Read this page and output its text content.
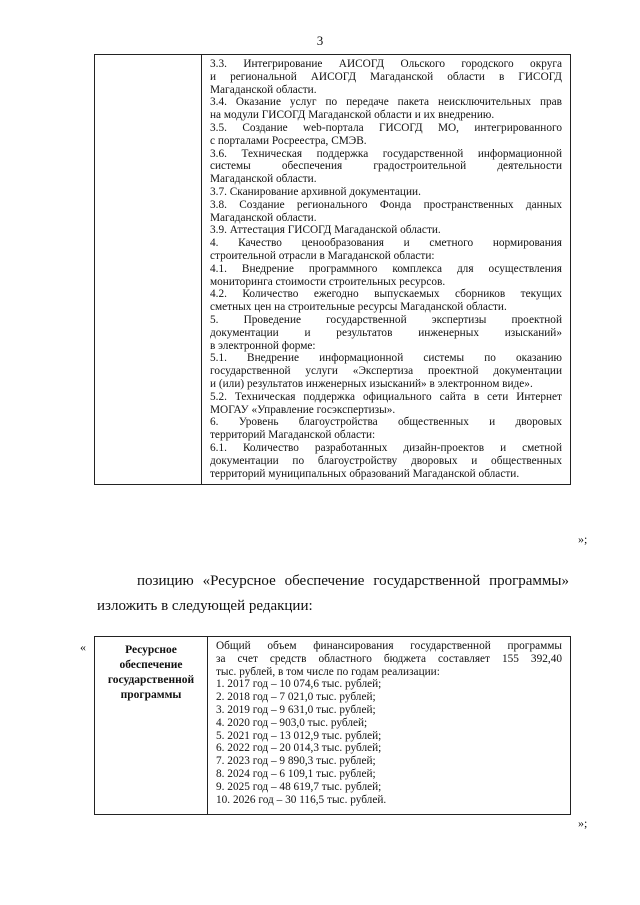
3

3.3. Интегрирование АИСОГД Ольского городского округа
и региональной АИСОГД Магаданской области в ГИСОГД
Магаданской области.
3.4. Оказание услуг по передаче пакета неисключительных прав
на модули ГИСОГД Магаданской области и их внедрению.
3.5. Создание web-портала ГИСОГД МО, интегрированного
с порталами Росреестра, СМЭВ.
3.6. Техническая поддержка государственной информационной
системы обеспечения градостроительной деятельности
Магаданской области.
3.7. Сканирование архивной документации.
3.8. Создание регионального Фонда пространственных данных
Магаданской области.
3.9. Аттестация ГИСОГД Магаданской области.
4. Качество ценообразования и сметного нормирования
строительной отрасли в Магаданской области:
4.1. Внедрение программного комплекса для осуществления
мониторинга стоимости строительных ресурсов.
4.2. Количество ежегодно выпускаемых сборников текущих
сметных цен на строительные ресурсы Магаданской области.
5. Проведение государственной экспертизы проектной
документации и результатов инженерных изысканий»
в электронной форме:
5.1. Внедрение информационной системы по оказанию
государственной услуги «Экспертиза проектной документации
и (или) результатов инженерных изысканий» в электронном виде».
5.2. Техническая поддержка официального сайта в сети Интернет
МОГАУ «Управление госэкспертизы».
6. Уровень благоустройства общественных и дворовых
территорий Магаданской области:
6.1. Количество разработанных дизайн-проектов и сметной
документации по благоустройству дворовых и общественных
территорий муниципальных образований Магаданской области.
»;
позицию «Ресурсное обеспечение государственной программы»
изложить в следующей редакции:
«	Ресурсное обеспечение государственной программы	
Общий объем финансирования государственной программы
за счет средств областного бюджета составляет 155 392,40
тыс. рублей, в том числе по годам реализации:
1. 2017 год – 10 074,6 тыс. рублей;
2. 2018 год – 7 021,0 тыс. рублей;
3. 2019 год – 9 631,0 тыс. рублей;
4. 2020 год – 903,0 тыс. рублей;
5. 2021 год – 13 012,9 тыс. рублей;
6. 2022 год – 20 014,3 тыс. рублей;
7. 2023 год – 9 890,3 тыс. рублей;
8. 2024 год – 6 109,1 тыс. рублей;
9. 2025 год – 48 619,7 тыс. рублей;
10. 2026 год – 30 116,5 тыс. рублей.
»;
